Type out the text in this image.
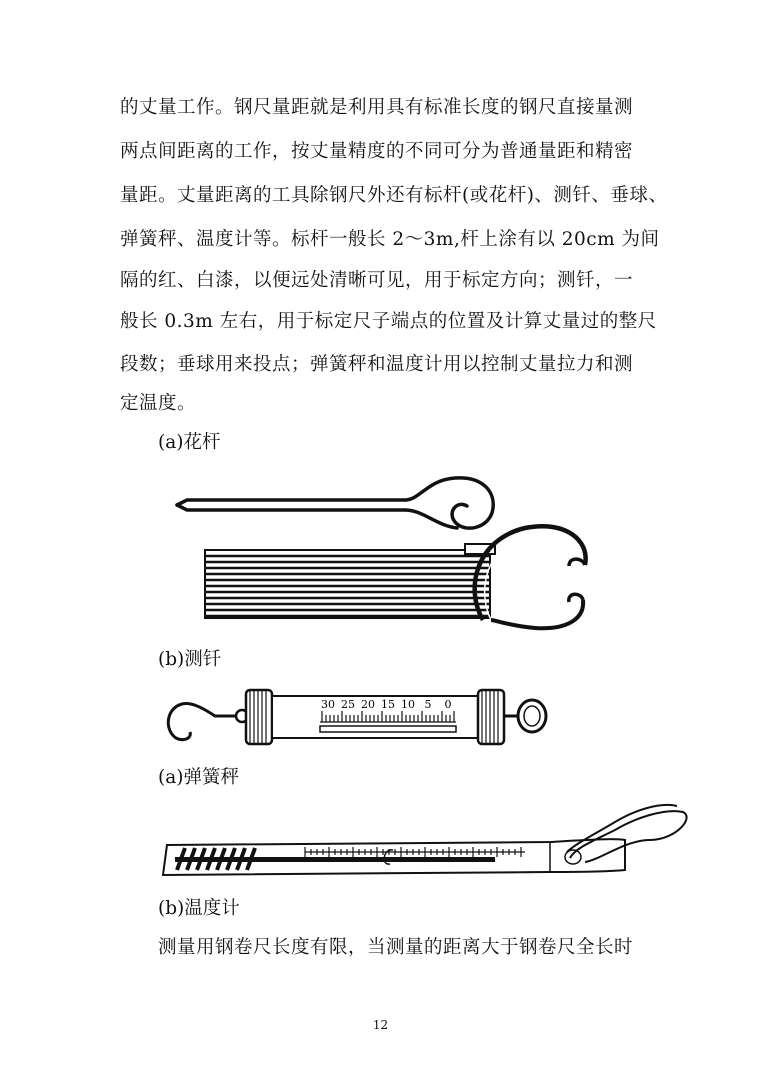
的丈量工作。钢尺量距就是利用具有标准长度的钢尺直接量测
两点间距离的工作，按丈量精度的不同可分为普通量距和精密
量距。丈量距离的工具除钢尺外还有标杆(或花杆)、测钎、垂球、
弹簧秤、温度计等。标杆一般长 2～3m,杆上涂有以 20cm 为间
隔的红、白漆，以便远处清晰可见，用于标定方向；测钎，一
般长 0.3m 左右，用于标定尺子端点的位置及计算丈量过的整尺
段数；垂球用来投点；弹簧秤和温度计用以控制丈量拉力和测
定温度。
(a)花杆
(b)测钎
30 25 20 15 10 5 0
(a)弹簧秤
(b)温度计
测量用钢卷尺长度有限，当测量的距离大于钢卷尺全长时
12
